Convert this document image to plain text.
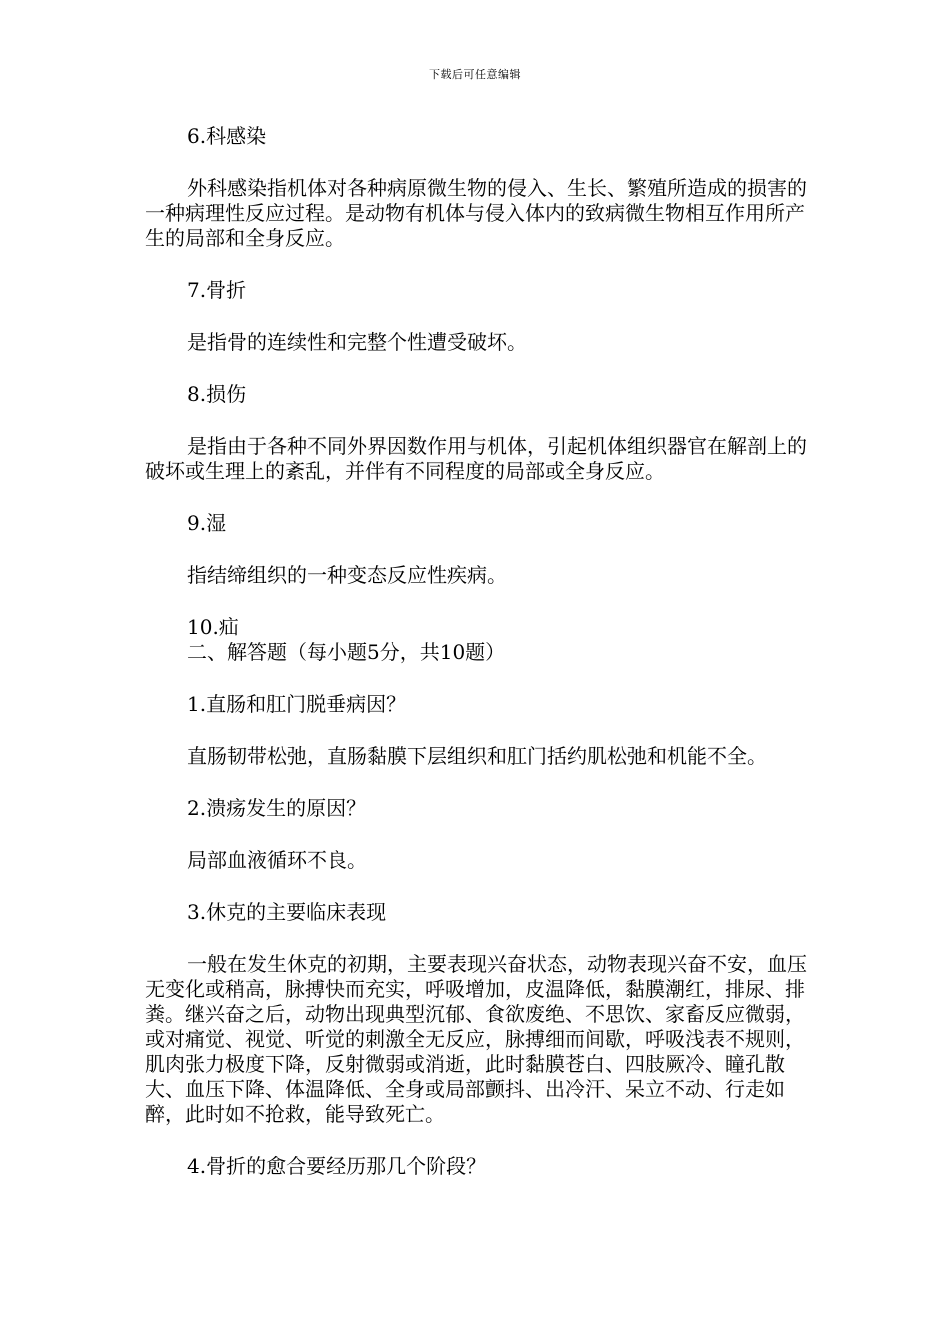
下载后可任意编辑

6.科感染

外科感染指机体对各种病原微生物的侵入、生长、繁殖所造成的损害的一种病理性反应过程。是动物有机体与侵入体内的致病微生物相互作用所产生的局部和全身反应。

7.骨折

是指骨的连续性和完整个性遭受破坏。

8.损伤

是指由于各种不同外界因数作用与机体，引起机体组织器官在解剖上的破坏或生理上的紊乱，并伴有不同程度的局部或全身反应。

9.湿

指结缔组织的一种变态反应性疾病。

10.疝

二、解答题（每小题5分，共10题）

1.直肠和肛门脱垂病因？

直肠韧带松弛，直肠黏膜下层组织和肛门括约肌松弛和机能不全。

2.溃疡发生的原因？

局部血液循环不良。

3.休克的主要临床表现

一般在发生休克的初期，主要表现兴奋状态，动物表现兴奋不安，血压无变化或稍高，脉搏快而充实，呼吸增加，皮温降低，黏膜潮红，排尿、排粪。继兴奋之后，动物出现典型沉郁、食欲废绝、不思饮、家畜反应微弱，或对痛觉、视觉、听觉的刺激全无反应，脉搏细而间歇，呼吸浅表不规则，肌肉张力极度下降，反射微弱或消逝，此时黏膜苍白、四肢厥冷、瞳孔散大、血压下降、体温降低、全身或局部颤抖、出冷汗、呆立不动、行走如醉，此时如不抢救，能导致死亡。

4.骨折的愈合要经历那几个阶段？
